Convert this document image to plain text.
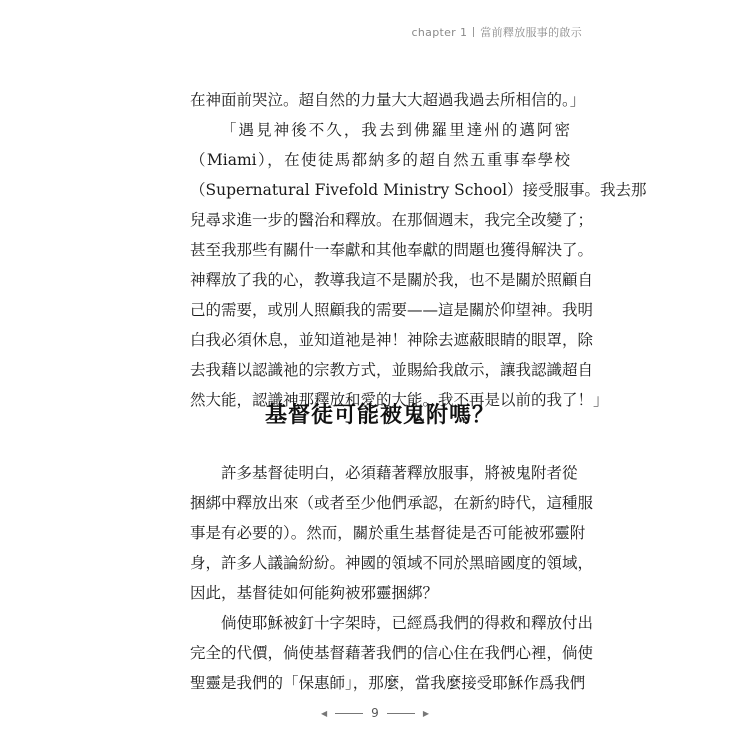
chapter 1 當前釋放服事的啟示
在神面前哭泣。超自然的力量大大超過我過去所相信的。」
「遇見神後不久，我去到佛羅里達州的邁阿密
（Miami），在使徒馬都納多的超自然五重事奉學校
（Supernatural Fivefold Ministry School）接受服事。我去那
兒尋求進一步的醫治和釋放。在那個週末，我完全改變了；
甚至我那些有關什一奉獻和其他奉獻的問題也獲得解決了。
神釋放了我的心，教導我這不是關於我，也不是關於照顧自
己的需要，或別人照顧我的需要——這是關於仰望神。我明
白我必須休息，並知道祂是神！神除去遮蔽眼睛的眼罩，除
去我藉以認識祂的宗教方式，並賜給我啟示，讓我認識超自
然大能，認識神那釋放和愛的大能。我不再是以前的我了！」
基督徒可能被鬼附嗎？
許多基督徒明白，必須藉著釋放服事，將被鬼附者從
捆綁中釋放出來（或者至少他們承認，在新約時代，這種服
事是有必要的）。然而，關於重生基督徒是否可能被邪靈附
身，許多人議論紛紛。神國的領域不同於黑暗國度的領域，
因此，基督徒如何能夠被邪靈捆綁？
倘使耶穌被釘十字架時，已經爲我們的得救和釋放付出
完全的代價，倘使基督藉著我們的信心住在我們心裡，倘使
聖靈是我們的「保惠師」，那麼，當我麼接受耶穌作爲我們
◀	9	▶
